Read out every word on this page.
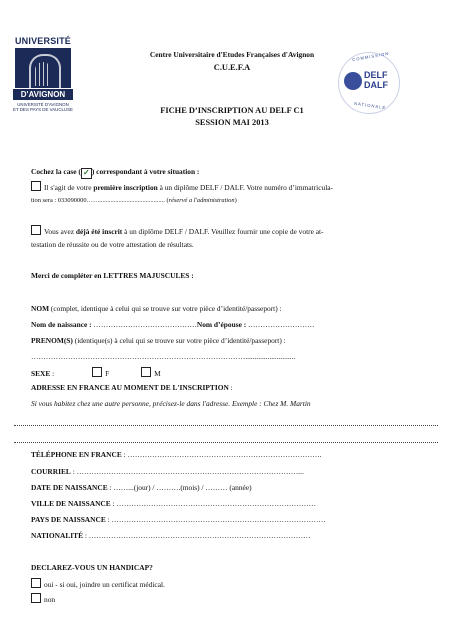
UNIVERSITÉ
D'AVIGNON
UNIVERSITÉ D'AVIGNON
ET DES PAYS DE VAUCLUSE
Centre Universitaire d'Etudes Françaises d'Avignon
C.U.E.F.A
FICHE D’INSCRIPTION AU DELF C1
SESSION MAI 2013
COMMISSION
DELF
DALF
NATIONALE
Cochez la case ( ✓ ) correspondant à votre situation :
Il s'agit de votre première inscription à un diplôme DELF / DALF. Votre numéro d’immatricula-
tion sera : 033090000……......................................... (réservé a l'administration)
Vous avez déjà été inscrit à un diplôme DELF / DALF. Veuillez fournir une copie de votre at-
testation de réussite ou de votre attestation de résultats.
Merci de compléter en LETTRES MAJUSCULES :
NOM (complet, identique à celui qui se trouve sur votre pièce d’identité/passeport) :
Nom de naissance : ……………………………………Nom d’épouse : ………………………
PRENOM(S) (identique(s) à celui qui se trouve sur votre pièce d’identité/passeport) :
……………………………………………………………………………...........................
SEXE :	F	M
ADRESSE EN FRANCE AU MOMENT DE L'INSCRIPTION :
Si vous habitez chez une autre personne, précisez-le dans l'adresse. Exemple : Chez M. Martin
TÉLÉPHONE EN FRANCE : …………………………………………………………………….
COURRIEL : ………………………………………………………………………………...
DATE DE NAISSANCE : ……...(jour) / ……….(mois) / ……… (année)
VILLE DE NAISSANCE : ………………………………………………………………………
PAYS DE NAISSANCE : ……………………………………………………………………………
NATIONALITÉ : ………………………………………………………………………………
DECLAREZ-VOUS UN HANDICAP?
oui - si oui, joindre un certificat médical.
non
